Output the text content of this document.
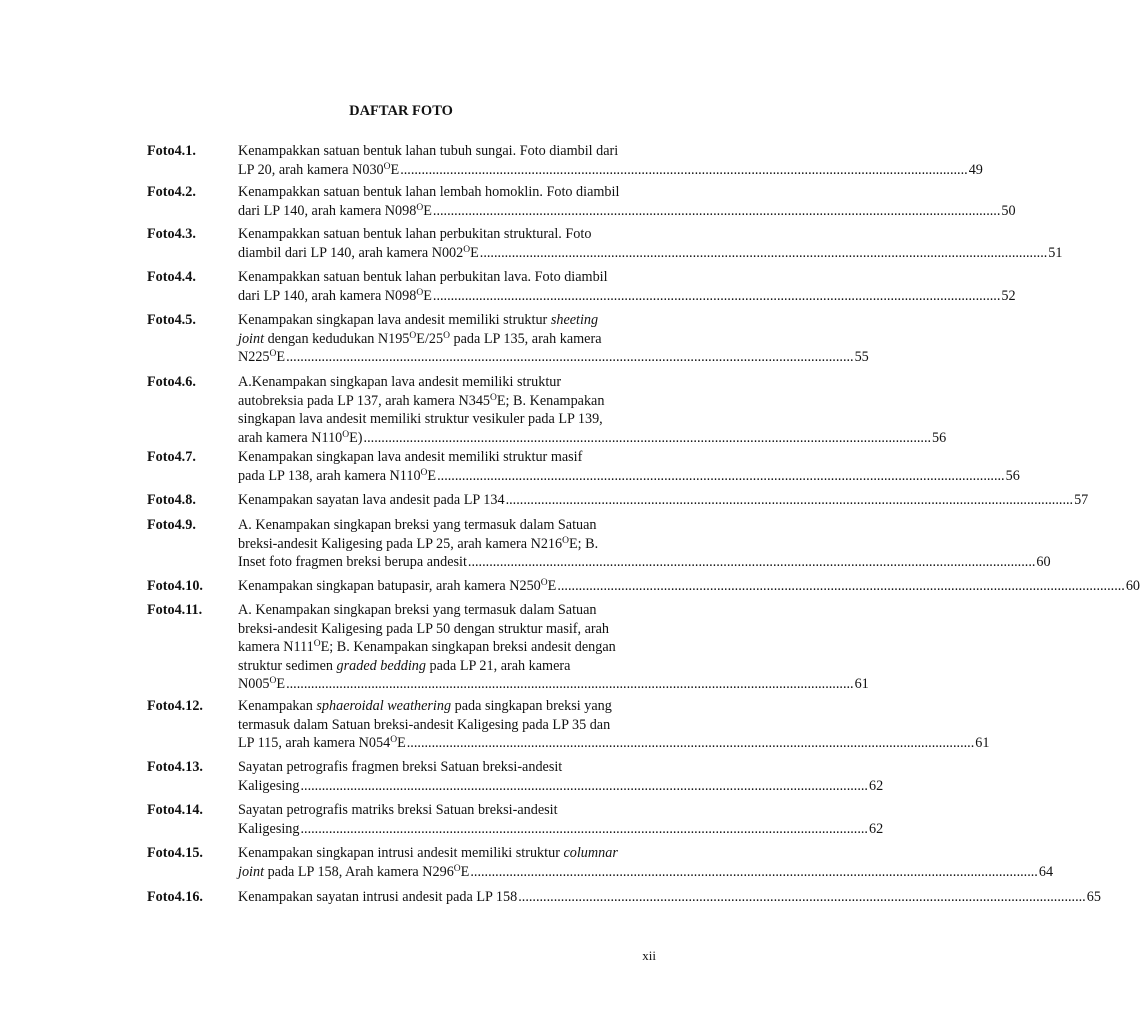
DAFTAR FOTO
Foto4.1.	Kenampakkan satuan bentuk lahan tubuh sungai. Foto diambil dari

LP 20, arah kamera $N030^OE$ ................................................................................................................................................................ 49
Foto4.2.	Kenampakkan satuan bentuk lahan lembah homoklin. Foto diambil

dari LP 140, arah kamera $N098^OE$ ................................................................................................................................................................ 50
Foto4.3.	Kenampakkan satuan bentuk lahan perbukitan struktural. Foto

diambil dari LP 140, arah kamera $N002^OE$ ................................................................................................................................................................ 51
Foto4.4.	Kenampakkan satuan bentuk lahan perbukitan lava. Foto diambil

dari LP 140, arah kamera $N098^OE$ ................................................................................................................................................................ 52
Foto4.5.	Kenampakan singkapan lava andesit memiliki struktur sheeting

joint dengan kedudukan $N195^OE/25^O$ pada LP 135, arah kamera

$N225^OE$ ................................................................................................................................................................ 55
Foto4.6.	A.Kenampakan singkapan lava andesit memiliki struktur

autobreksia pada LP 137, arah kamera $N345^OE$; B. Kenampakan

singkapan lava andesit memiliki struktur vesikuler pada LP 139,

arah kamera $N110^OE$) ................................................................................................................................................................ 56
Foto4.7.	Kenampakan singkapan lava andesit memiliki struktur masif

pada LP 138, arah kamera $N110^OE$ ................................................................................................................................................................ 56
Foto4.8.	Kenampakan sayatan lava andesit pada LP 134 ................................................................................................................................................................ 57
Foto4.9.	A. Kenampakan singkapan breksi yang termasuk dalam Satuan

breksi-andesit Kaligesing pada LP 25, arah kamera $N216^OE$; B.

Inset foto fragmen breksi berupa andesit ................................................................................................................................................................ 60
Foto4.10. Kenampakan singkapan batupasir, arah kamera $N250^OE$ ................................................................................................................................................................ 60
Foto4.11.	A. Kenampakan singkapan breksi yang termasuk dalam Satuan

breksi-andesit Kaligesing pada LP 50 dengan struktur masif, arah

kamera $N111^OE$; B. Kenampakan singkapan breksi andesit dengan

struktur sedimen graded bedding pada LP 21, arah kamera

$N005^OE$ ................................................................................................................................................................ 61
Foto4.12. Kenampakan sphaeroidal weathering pada singkapan breksi yang

termasuk dalam Satuan breksi-andesit Kaligesing pada LP 35 dan

LP 115, arah kamera $N054^OE$ ................................................................................................................................................................ 61
Foto4.13. Sayatan petrografis fragmen breksi Satuan breksi-andesit

Kaligesing ................................................................................................................................................................ 62
Foto4.14. Sayatan petrografis matriks breksi Satuan breksi-andesit

Kaligesing ................................................................................................................................................................ 62
Foto4.15. Kenampakan singkapan intrusi andesit memiliki struktur columnar

joint pada LP 158, Arah kamera $N296^OE$ ................................................................................................................................................................ 64
Foto4.16. Kenampakan sayatan intrusi andesit pada LP 158 ................................................................................................................................................................ 65
xii
